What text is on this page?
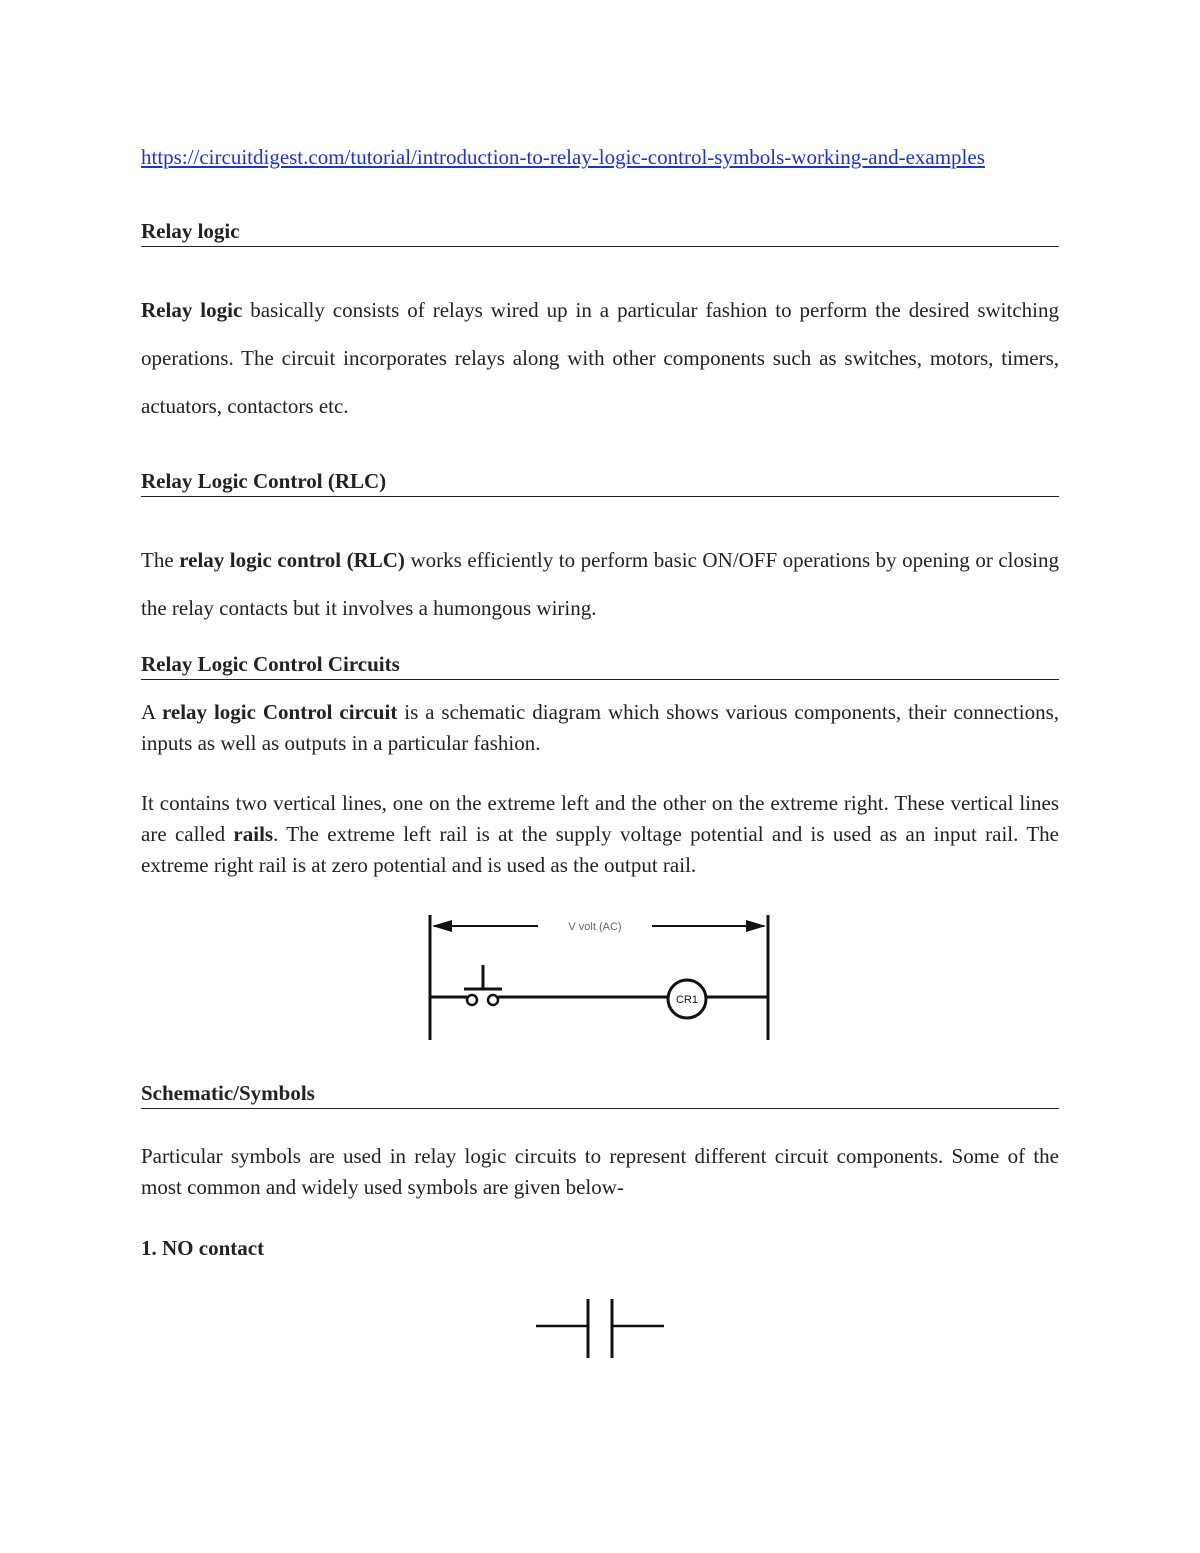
https://circuitdigest.com/tutorial/introduction-to-relay-logic-control-symbols-working-and-examples
Relay logic
Relay logic basically consists of relays wired up in a particular fashion to perform the desired switching operations. The circuit incorporates relays along with other components such as switches, motors, timers, actuators, contactors etc.
Relay Logic Control (RLC)
The relay logic control (RLC) works efficiently to perform basic ON/OFF operations by opening or closing the relay contacts but it involves a humongous wiring.
Relay Logic Control Circuits
A relay logic Control circuit is a schematic diagram which shows various components, their connections, inputs as well as outputs in a particular fashion.
It contains two vertical lines, one on the extreme left and the other on the extreme right. These vertical lines are called rails. The extreme left rail is at the supply voltage potential and is used as an input rail. The extreme right rail is at zero potential and is used as the output rail.
V volt (AC)
CR1
Schematic/Symbols
Particular symbols are used in relay logic circuits to represent different circuit components. Some of the most common and widely used symbols are given below-
1. NO contact
